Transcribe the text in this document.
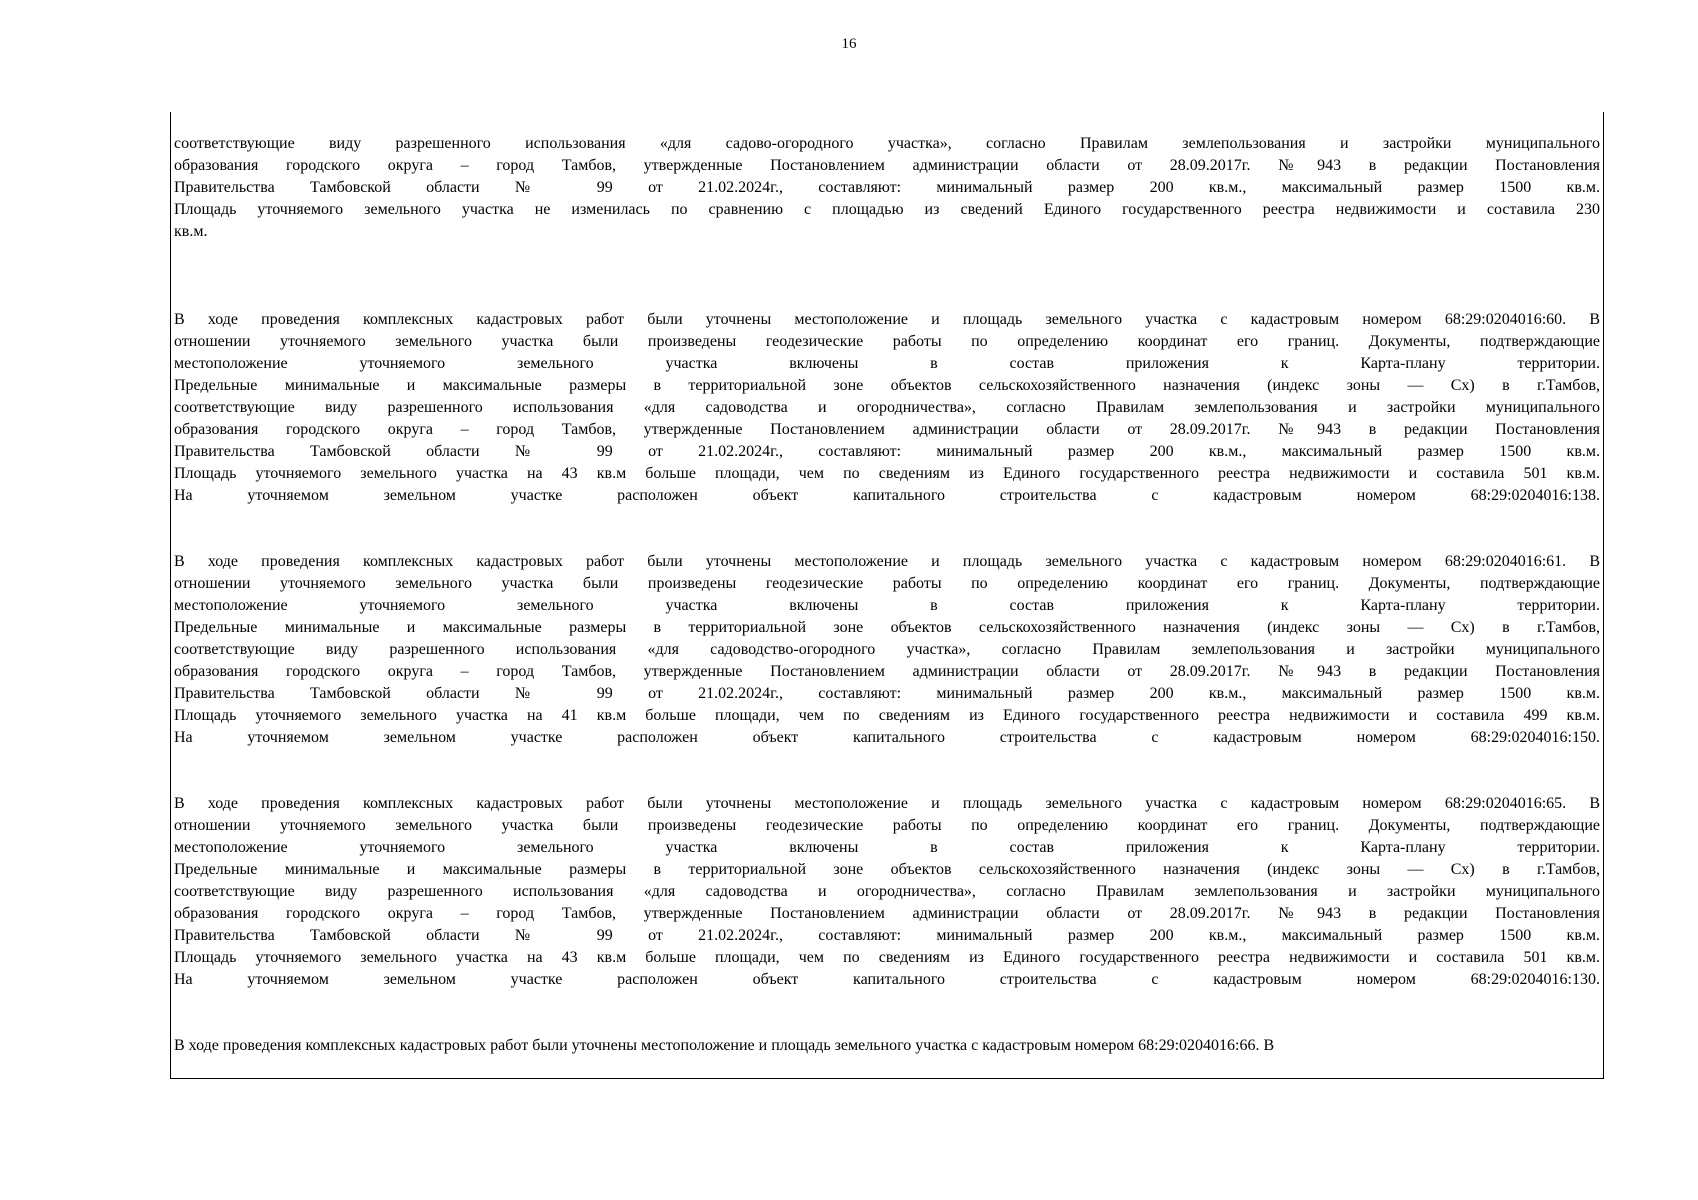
16
соответствующие виду разрешенного использования «для садово-огородного участка», согласно Правилам землепользования и застройки муниципального
образования городского округа – город Тамбов, утвержденные Постановлением администрации области от 28.09.2017г. №943 в редакции Постановления
Правительства Тамбовской области № 99 от 21.02.2024г., составляют: минимальный размер 200 кв.м., максимальный размер 1500 кв.м.
Площадь уточняемого земельного участка не изменилась по сравнению с площадью из сведений Единого государственного реестра недвижимости и составила 230
кв.м.
В ходе проведения комплексных кадастровых работ были уточнены местоположение и площадь земельного участка с кадастровым номером 68:29:0204016:60. В
отношении уточняемого земельного участка были произведены геодезические работы по определению координат его границ. Документы, подтверждающие
местоположение уточняемого земельного участка включены в состав приложения к Карта-плану территории.
Предельные минимальные и максимальные размеры в территориальной зоне объектов сельскохозяйственного назначения (индекс зоны — Сх) в г.Тамбов,
соответствующие виду разрешенного использования «для садоводства и огородничества», согласно Правилам землепользования и застройки муниципального
образования городского округа – город Тамбов, утвержденные Постановлением администрации области от 28.09.2017г. №943 в редакции Постановления
Правительства Тамбовской области № 99 от 21.02.2024г., составляют: минимальный размер 200 кв.м., максимальный размер 1500 кв.м.
Площадь уточняемого земельного участка на 43 кв.м больше площади, чем по сведениям из Единого государственного реестра недвижимости и составила 501 кв.м.
На уточняемом земельном участке расположен объект капитального строительства с кадастровым номером 68:29:0204016:138.
В ходе проведения комплексных кадастровых работ были уточнены местоположение и площадь земельного участка с кадастровым номером 68:29:0204016:61. В
отношении уточняемого земельного участка были произведены геодезические работы по определению координат его границ. Документы, подтверждающие
местоположение уточняемого земельного участка включены в состав приложения к Карта-плану территории.
Предельные минимальные и максимальные размеры в территориальной зоне объектов сельскохозяйственного назначения (индекс зоны — Сх) в г.Тамбов,
соответствующие виду разрешенного использования «для садоводство-огородного участка», согласно Правилам землепользования и застройки муниципального
образования городского округа – город Тамбов, утвержденные Постановлением администрации области от 28.09.2017г. №943 в редакции Постановления
Правительства Тамбовской области № 99 от 21.02.2024г., составляют: минимальный размер 200 кв.м., максимальный размер 1500 кв.м.
Площадь уточняемого земельного участка на 41 кв.м больше площади, чем по сведениям из Единого государственного реестра недвижимости и составила 499 кв.м.
На уточняемом земельном участке расположен объект капитального строительства с кадастровым номером 68:29:0204016:150.
В ходе проведения комплексных кадастровых работ были уточнены местоположение и площадь земельного участка с кадастровым номером 68:29:0204016:65. В
отношении уточняемого земельного участка были произведены геодезические работы по определению координат его границ. Документы, подтверждающие
местоположение уточняемого земельного участка включены в состав приложения к Карта-плану территории.
Предельные минимальные и максимальные размеры в территориальной зоне объектов сельскохозяйственного назначения (индекс зоны — Сх) в г.Тамбов,
соответствующие виду разрешенного использования «для садоводства и огородничества», согласно Правилам землепользования и застройки муниципального
образования городского округа – город Тамбов, утвержденные Постановлением администрации области от 28.09.2017г. №943 в редакции Постановления
Правительства Тамбовской области № 99 от 21.02.2024г., составляют: минимальный размер 200 кв.м., максимальный размер 1500 кв.м.
Площадь уточняемого земельного участка на 43 кв.м больше площади, чем по сведениям из Единого государственного реестра недвижимости и составила 501 кв.м.
На уточняемом земельном участке расположен объект капитального строительства с кадастровым номером 68:29:0204016:130.
В ходе проведения комплексных кадастровых работ были уточнены местоположение и площадь земельного участка с кадастровым номером 68:29:0204016:66. В
